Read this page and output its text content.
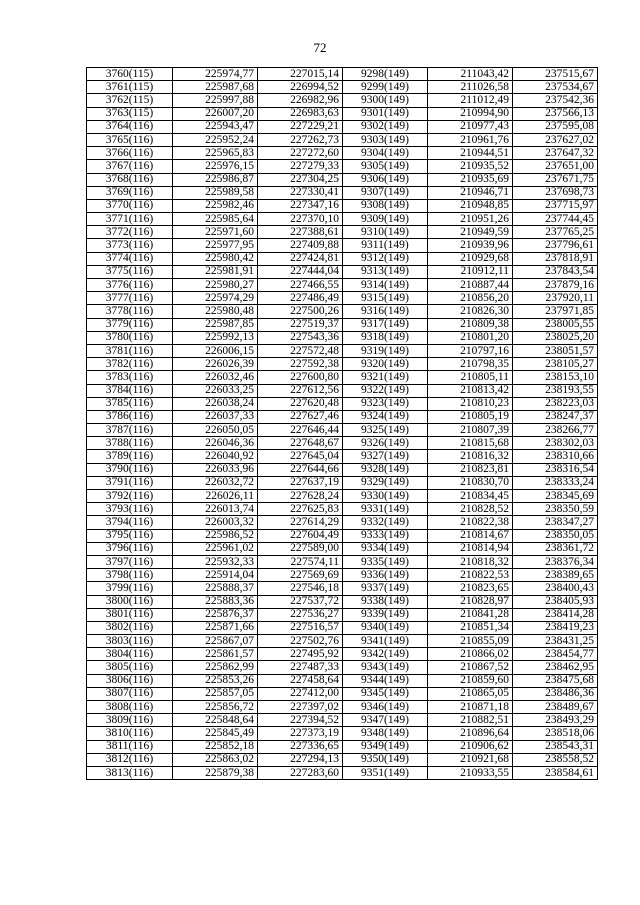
72
3760(115)	225974,77	227015,14	9298(149)	211043,42	237515,67
3761(115)	225987,68	226994,52	9299(149)	211026,58	237534,67
3762(115)	225997,88	226982,96	9300(149)	211012,49	237542,36
3763(115)	226007,20	226983,63	9301(149)	210994,90	237566,13
3764(116)	225943,47	227229,21	9302(149)	210977,43	237595,08
3765(116)	225952,24	227262,73	9303(149)	210961,76	237627,02
3766(116)	225965,83	227272,60	9304(149)	210944,51	237647,32
3767(116)	225976,15	227279,33	9305(149)	210935,52	237651,00
3768(116)	225986,87	227304,25	9306(149)	210935,69	237671,75
3769(116)	225989,58	227330,41	9307(149)	210946,71	237698,73
3770(116)	225982,46	227347,16	9308(149)	210948,85	237715,97
3771(116)	225985,64	227370,10	9309(149)	210951,26	237744,45
3772(116)	225971,60	227388,61	9310(149)	210949,59	237765,25
3773(116)	225977,95	227409,88	9311(149)	210939,96	237796,61
3774(116)	225980,42	227424,81	9312(149)	210929,68	237818,91
3775(116)	225981,91	227444,04	9313(149)	210912,11	237843,54
3776(116)	225980,27	227466,55	9314(149)	210887,44	237879,16
3777(116)	225974,29	227486,49	9315(149)	210856,20	237920,11
3778(116)	225980,48	227500,26	9316(149)	210826,30	237971,85
3779(116)	225987,85	227519,37	9317(149)	210809,38	238005,55
3780(116)	225992,13	227543,36	9318(149)	210801,20	238025,20
3781(116)	226006,15	227572,48	9319(149)	210797,16	238051,57
3782(116)	226026,39	227592,38	9320(149)	210798,35	238105,27
3783(116)	226032,46	227600,80	9321(149)	210805,11	238153,10
3784(116)	226033,25	227612,56	9322(149)	210813,42	238193,55
3785(116)	226038,24	227620,48	9323(149)	210810,23	238223,03
3786(116)	226037,33	227627,46	9324(149)	210805,19	238247,37
3787(116)	226050,05	227646,44	9325(149)	210807,39	238266,77
3788(116)	226046,36	227648,67	9326(149)	210815,68	238302,03
3789(116)	226040,92	227645,04	9327(149)	210816,32	238310,66
3790(116)	226033,96	227644,66	9328(149)	210823,81	238316,54
3791(116)	226032,72	227637,19	9329(149)	210830,70	238333,24
3792(116)	226026,11	227628,24	9330(149)	210834,45	238345,69
3793(116)	226013,74	227625,83	9331(149)	210828,52	238350,59
3794(116)	226003,32	227614,29	9332(149)	210822,38	238347,27
3795(116)	225986,52	227604,49	9333(149)	210814,67	238350,05
3796(116)	225961,02	227589,00	9334(149)	210814,94	238361,72
3797(116)	225932,33	227574,11	9335(149)	210818,32	238376,34
3798(116)	225914,04	227569,69	9336(149)	210822,53	238389,65
3799(116)	225888,37	227546,18	9337(149)	210823,65	238400,43
3800(116)	225883,36	227537,72	9338(149)	210828,97	238405,93
3801(116)	225876,37	227536,27	9339(149)	210841,28	238414,28
3802(116)	225871,66	227516,57	9340(149)	210851,34	238419,23
3803(116)	225867,07	227502,76	9341(149)	210855,09	238431,25
3804(116)	225861,57	227495,92	9342(149)	210866,02	238454,77
3805(116)	225862,99	227487,33	9343(149)	210867,52	238462,95
3806(116)	225853,26	227458,64	9344(149)	210859,60	238475,68
3807(116)	225857,05	227412,00	9345(149)	210865,05	238486,36
3808(116)	225856,72	227397,02	9346(149)	210871,18	238489,67
3809(116)	225848,64	227394,52	9347(149)	210882,51	238493,29
3810(116)	225845,49	227373,19	9348(149)	210896,64	238518,06
3811(116)	225852,18	227336,65	9349(149)	210906,62	238543,31
3812(116)	225863,02	227294,13	9350(149)	210921,68	238558,52
3813(116)	225879,38	227283,60	9351(149)	210933,55	238584,61
